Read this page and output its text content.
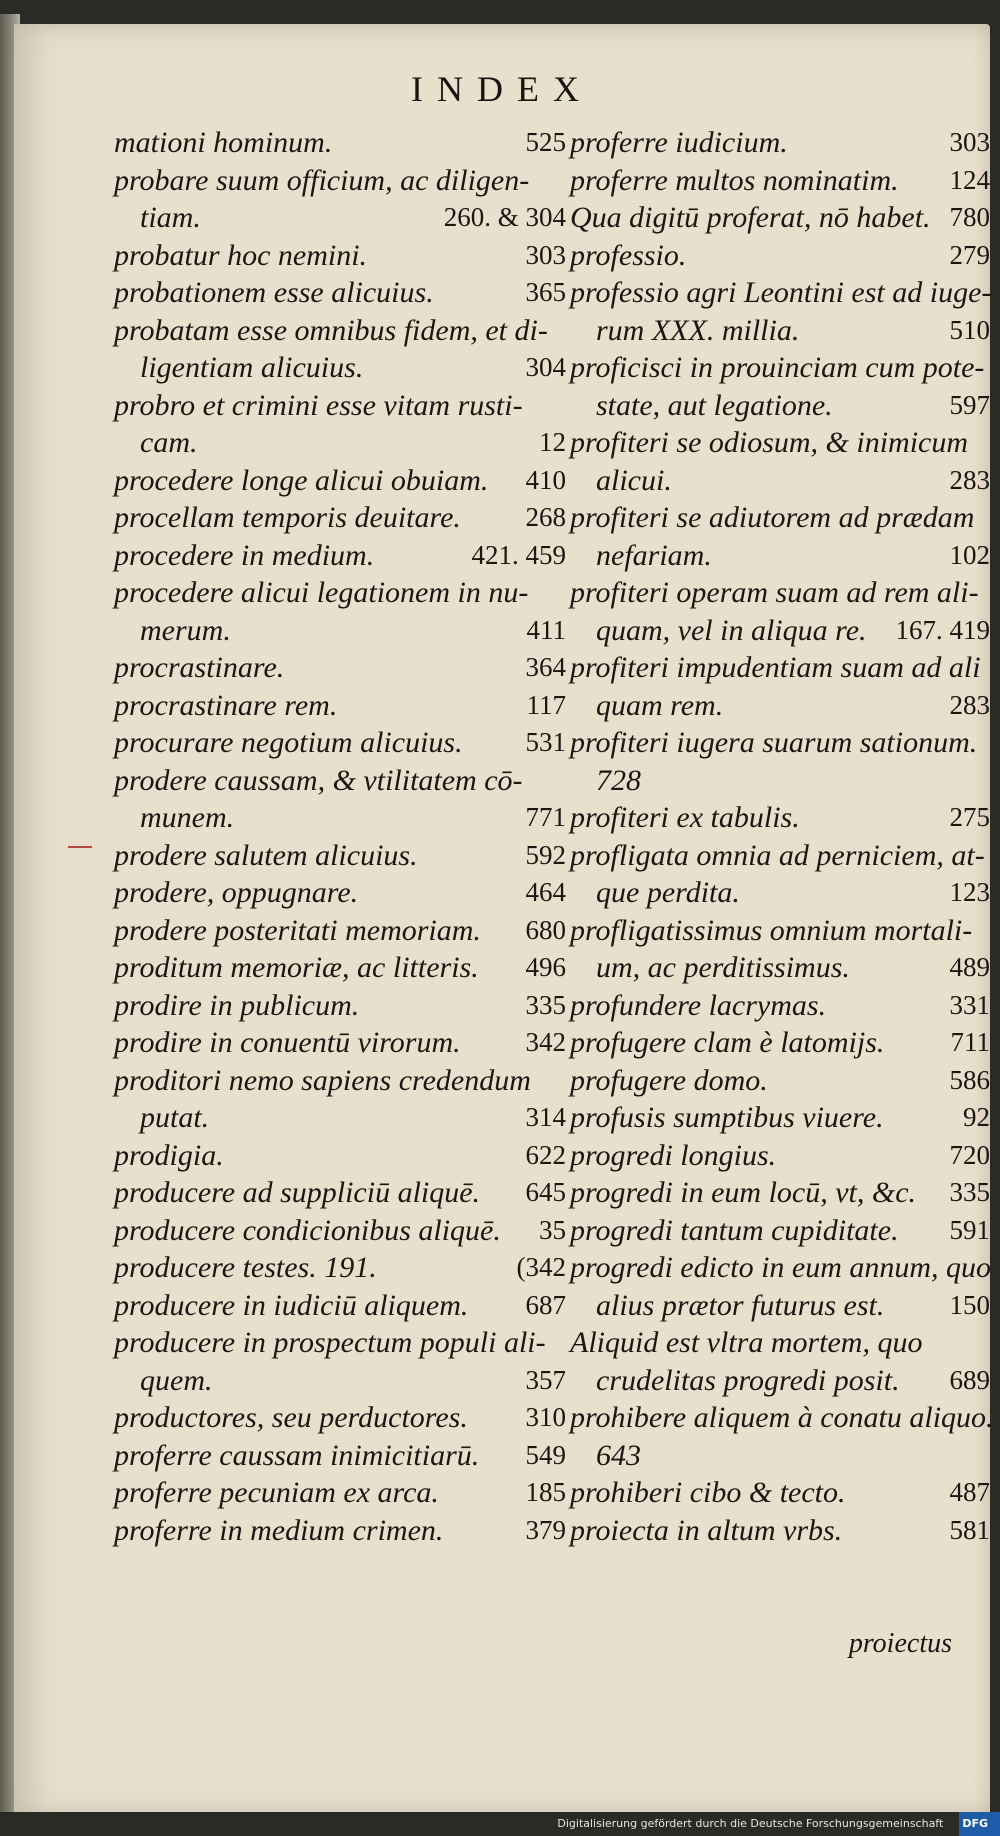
INDEX
mationi hominum.	525
probare suum officium, ac diligen-
tiam.	260. & 304
probatur hoc nemini.	303
probationem esse alicuius.	365
probatam esse omnibus fidem, et di-
ligentiam alicuius.	304
probro et crimini esse vitam rusti-
cam.	12
procedere longe alicui obuiam. 410
procellam temporis deuitare. 268
procedere in medium.	421. 459
procedere alicui legationem in nu-
merum.	411
procrastinare.	364
procrastinare rem.	117
procurare negotium alicuius. 531
prodere caussam, & vtilitatem cō-
munem.	771
prodere salutem alicuius.	592
prodere, oppugnare.	464
prodere posteritati memoriam. 680
proditum memoriæ, ac litteris. 496
prodire in publicum.	335
prodire in conuentū virorum. 342
proditori nemo sapiens credendum
putat.	314
prodigia.	622
producere ad suppliciū aliquē. 645
producere condicionibus aliquē. 35
producere testes. 191.	(342
producere in iudiciū aliquem. 687
producere in prospectum populi ali-
quem.	357
productores, seu perductores. 310
proferre caussam inimicitiarū. 549
proferre pecuniam ex arca.	185
proferre in medium crimen.	379
proferre iudicium.	303
proferre multos nominatim. 124
Qua digitū proferat, nō habet. 780
professio.	279
professio agri Leontini est ad iuge-
rum XXX. millia.	510
proficisci in prouinciam cum pote-
state, aut legatione.	597
profiteri se odiosum, & inimicum
alicui.	283
profiteri se adiutorem ad prædam
nefariam.	102
profiteri operam suam ad rem ali-
quam, vel in aliqua re. 167. 419
profiteri impudentiam suam ad ali
quam rem.	283
profiteri iugera suarum sationum.
728
profiteri ex tabulis.	275
profligata omnia ad perniciem, at-
que perdita.	123
profligatissimus omnium mortali-
um, ac perditissimus.	489
profundere lacrymas.	331
profugere clam è latomijs. 711
profugere domo.	586
profusis sumptibus viuere.	92
progredi longius.	720
progredi in eum locū, vt, &c. 335
progredi tantum cupiditate. 591
progredi edicto in eum annum, quo
alius prætor futurus est. 150
Aliquid est vltra mortem, quo
crudelitas progredi posit. 689
prohibere aliquem à conatu aliquo.
643
prohiberi cibo & tecto.	487
proiecta in altum vrbs.	581
proiectus
Digitalisierung gefördert durch die Deutsche Forschungsgemeinschaft DFG
